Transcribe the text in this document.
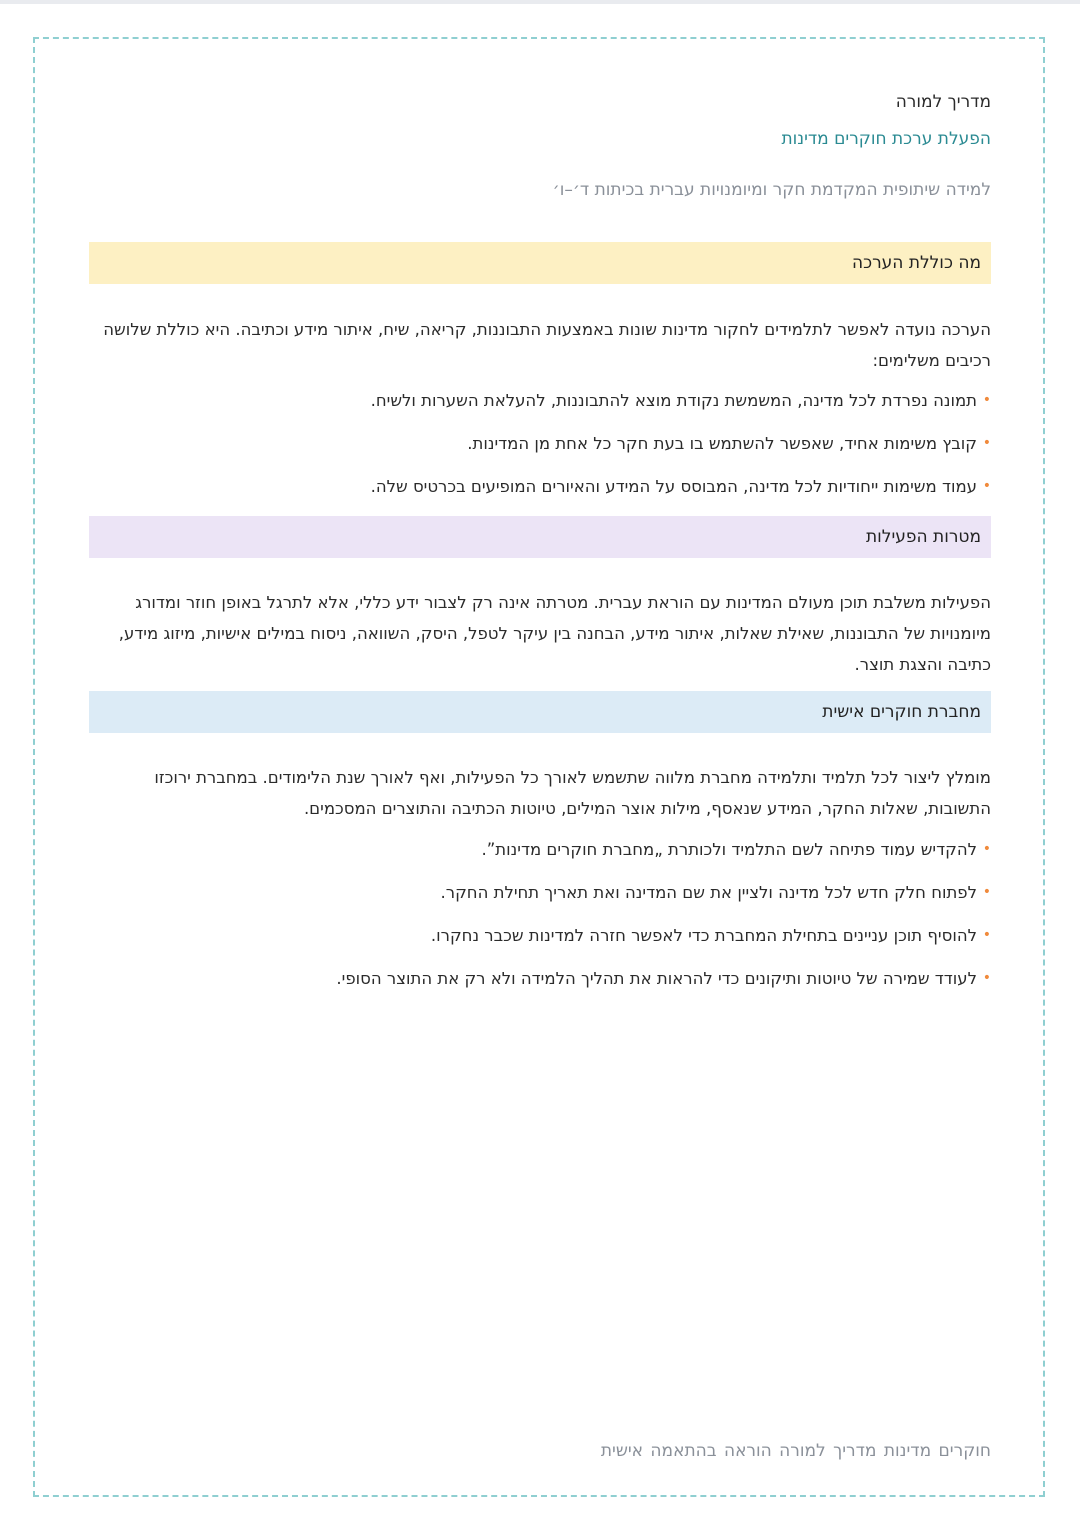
מדריך למורה
הפעלת ערכת חוקרים מדינות
למידה שיתופית המקדמת חקר ומיומנויות עברית בכיתות ד׳–ו׳
מה כוללת הערכה
הערכה נועדה לאפשר לתלמידים לחקור מדינות שונות באמצעות התבוננות, קריאה, שיח, איתור מידע וכתיבה. היא כוללת שלושה רכיבים משלימים:
•
תמונה נפרדת לכל מדינה, המשמשת נקודת מוצא להתבוננות, להעלאת השערות ולשיח.
•
קובץ משימות אחיד, שאפשר להשתמש בו בעת חקר כל אחת מן המדינות.
•
עמוד משימות ייחודיות לכל מדינה, המבוסס על המידע והאיורים המופיעים בכרטיס שלה.
מטרות הפעילות
הפעילות משלבת תוכן מעולם המדינות עם הוראת עברית. מטרתה אינה רק לצבור ידע כללי, אלא לתרגל באופן חוזר ומדורג מיומנויות של התבוננות, שאילת שאלות, איתור מידע, הבחנה בין עיקר לטפל, היסק, השוואה, ניסוח במילים אישיות, מיזוג מידע, כתיבה והצגת תוצר.
מחברת חוקרים אישית
מומלץ ליצור לכל תלמיד ותלמידה מחברת מלווה שתשמש לאורך כל הפעילות, ואף לאורך שנת הלימודים. במחברת ירוכזו התשובות, שאלות החקר, המידע שנאסף, מילות אוצר המילים, טיוטות הכתיבה והתוצרים המסכמים.
•
להקדיש עמוד פתיחה לשם התלמיד ולכותרת „מחברת חוקרים מדינות”.
•
לפתוח חלק חדש לכל מדינה ולציין את שם המדינה ואת תאריך תחילת החקר.
•
להוסיף תוכן עניינים בתחילת המחברת כדי לאפשר חזרה למדינות שכבר נחקרו.
•
לעודד שמירה של טיוטות ותיקונים כדי להראות את תהליך הלמידה ולא רק את התוצר הסופי.
חוקרים מדינות מדריך למורה הוראה בהתאמה אישית
